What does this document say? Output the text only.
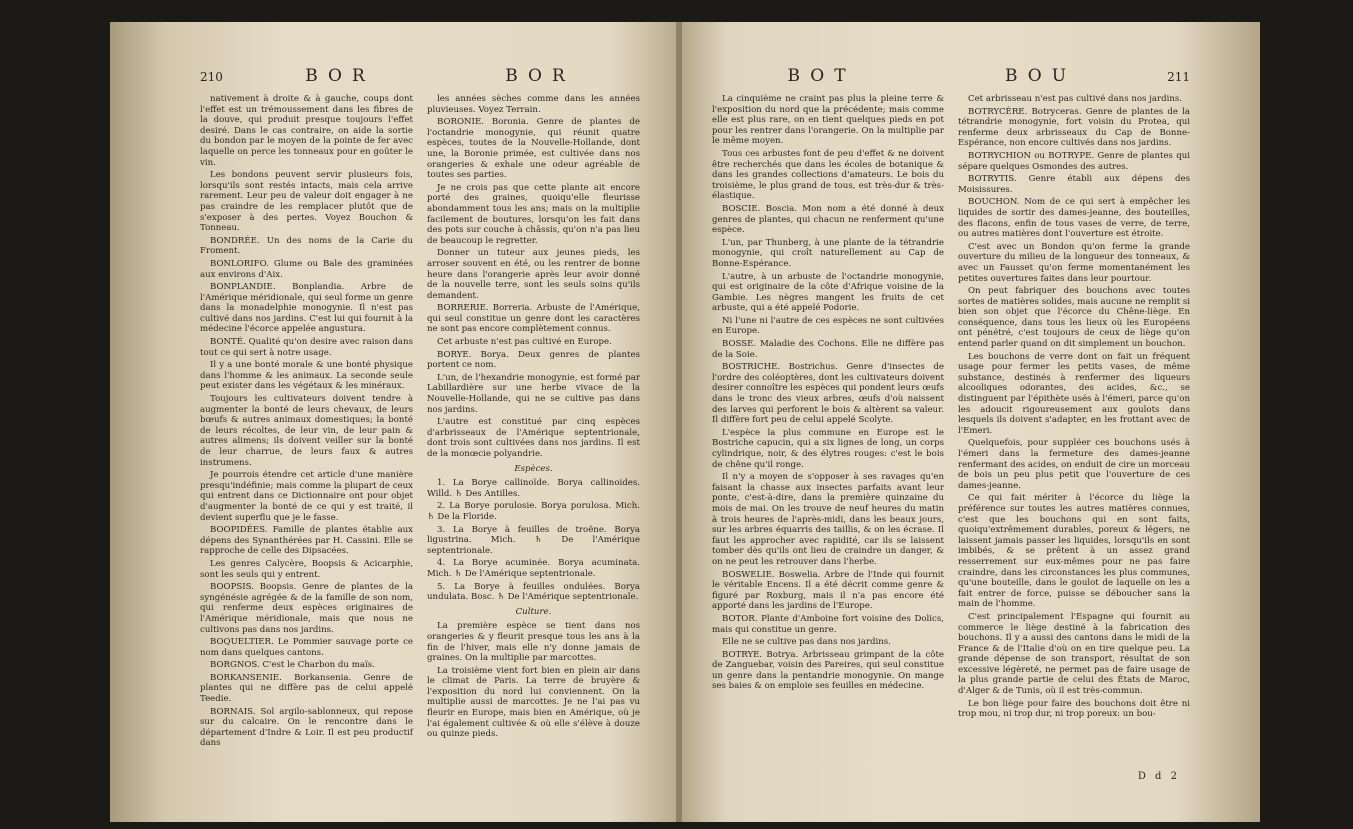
210	BOR	BOR

nativement à droite & à gauche, coups dont l'effet est un trémoussement dans les fibres de la douve, qui produit presque toujours l'effet desiré. Dans le cas contraire, on aide la sortie du bondon par le moyen de la pointe de fer avec laquelle on perce les tonneaux pour en goûter le vin.

Les bondons peuvent servir plusieurs fois, lorsqu'ils sont restés intacts, mais cela arrive rarement. Leur peu de valeur doit engager à ne pas craindre de les remplacer plutôt que de s'exposer à des pertes. Voyez Bouchon & Tonneau.

BONDRÉE. Un des noms de la Carie du Froment.

BONLORIFO. Glume ou Bale des graminées aux environs d'Aix.

BONPLANDIE. Bonplandia. Arbre de l'Amérique méridionale, qui seul forme un genre dans la monadelphie monogynie. Il n'est pas cultivé dans nos jardins. C'est lui qui fournit à la médecine l'écorce appelée angustura.

BONTÉ. Qualité qu'on desire avec raison dans tout ce qui sert à notre usage.

Il y a une bonté morale & une bonté physique dans l'homme & les animaux. La seconde seule peut exister dans les végétaux & les minéraux.

Toujours les cultivateurs doivent tendre à augmenter la bonté de leurs chevaux, de leurs bœufs & autres animaux domestiques; la bonté de leurs récoltes, de leur vin, de leur pain & autres alimens; ils doivent veiller sur la bonté de leur charrue, de leurs faux & autres instrumens.

Je pourrois étendre cet article d'une manière presqu'indéfinie; mais comme la plupart de ceux qui entrent dans ce Dictionnaire ont pour objet d'augmenter la bonté de ce qui y est traité, il devient superflu que je le fasse.

BOOPIDÉES. Famille de plantes établie aux dépens des Synanthérées par H. Cassini. Elle se rapproche de celle des Dipsacées.

Les genres Calycère, Boopsis & Acicarphie, sont les seuls qui y entrent.

BOOPSIS. Boopsis. Genre de plantes de la syngénésie agrégée & de la famille de son nom, qui renferme deux espèces originaires de l'Amérique méridionale, mais que nous ne cultivons pas dans nos jardins.

BOQUELTIER. Le Pommier sauvage porte ce nom dans quelques cantons.

BORGNOS. C'est le Charbon du maïs.

BORKANSENIE. Borkansenia. Genre de plantes qui ne diffère pas de celui appelé Teedie.

BORNAIS. Sol argilo-sablonneux, qui repose sur du calcaire. On le rencontre dans le département d'Indre & Loir. Il est peu productif dans

les années sèches comme dans les années pluvieuses. Voyez Terrain.

BORONIE. Boronia. Genre de plantes de l'octandrie monogynie, qui réunit quatre espèces, toutes de la Nouvelle-Hollande, dont une, la Boronie primée, est cultivée dans nos orangeries & exhale une odeur agréable de toutes ses parties.

Je ne crois pas que cette plante ait encore porté des graines, quoiqu'elle fleurisse abondamment tous les ans; mais on la multiplie facilement de boutures, lorsqu'on les fait dans des pots sur couche à châssis, qu'on n'a pas lieu de beaucoup le regretter.

Donner un tuteur aux jeunes pieds, les arroser souvent en été, ou les rentrer de bonne heure dans l'orangerie après leur avoir donné de la nouvelle terre, sont les seuls soins qu'ils demandent.

BORRERIE. Borreria. Arbuste de l'Amérique, qui seul constitue un genre dont les caractères ne sont pas encore complètement connus.

Cet arbuste n'est pas cultivé en Europe.

BORYE. Borya. Deux genres de plantes portent ce nom.

L'un, de l'hexandrie monogynie, est formé par Labillardière sur une herbe vivace de la Nouvelle-Hollande, qui ne se cultive pas dans nos jardins.

L'autre est constitué par cinq espèces d'arbrisseaux de l'Amérique septentrionale, dont trois sont cultivées dans nos jardins. Il est de la monœcie polyandrie.

Espèces.

1. La Borye callinoïde. Borya callinoides. Willd. ♄ Des Antilles.

2. La Borye porulosie. Borya porulosa. Mich. ♄ De la Floride.

3. La Borye à feuilles de troëne. Borya ligustrina. Mich. ♄ De l'Amérique septentrionale.

4. La Borye acuminée. Borya acuminata. Mich. ♄ De l'Amérique septentrionale.

5. La Borye à feuilles ondulées. Borya undulata. Bosc. ♄ De l'Amérique septentrionale.

Culture.

La première espèce se tient dans nos orangeries & y fleurit presque tous les ans à la fin de l'hiver, mais elle n'y donne jamais de graines. On la multiplie par marcottes.

La troisième vient fort bien en plein air dans le climat de Paris. La terre de bruyère & l'exposition du nord lui conviennent. On la multiplie aussi de marcottes. Je ne l'ai pas vu fleurir en Europe, mais bien en Amérique, où je l'ai également cultivée & où elle s'élève à douze ou quinze pieds.

BOT	BOU	211

La cinquième ne craint pas plus la pleine terre & l'exposition du nord que la précédente; mais comme elle est plus rare, on en tient quelques pieds en pot pour les rentrer dans l'orangerie. On la multiplie par le même moyen.

Tous ces arbustes font de peu d'effet & ne doivent être recherchés que dans les écoles de botanique & dans les grandes collections d'amateurs. Le bois du troisième, le plus grand de tous, est très-dur & très-élastique.

BOSCIE. Boscia. Mon nom a été donné à deux genres de plantes, qui chacun ne renferment qu'une espèce.

L'un, par Thunberg, à une plante de la tétrandrie monogynie, qui croît naturellement au Cap de Bonne-Espérance.

L'autre, à un arbuste de l'octandrie monogynie, qui est originaire de la côte d'Afrique voisine de la Gambie. Les nègres mangent les fruits de cet arbuste, qui a été appelé Podorie.

Ni l'une ni l'autre de ces espèces ne sont cultivées en Europe.

BOSSE. Maladie des Cochons. Elle ne diffère pas de la Soie.

BOSTRICHE. Bostrichus. Genre d'insectes de l'ordre des coléoptères, dont les cultivateurs doivent desirer connoître les espèces qui pondent leurs œufs dans le tronc des vieux arbres, œufs d'où naissent des larves qui perforent le bois & altèrent sa valeur. Il diffère fort peu de celui appelé Scolyte.

L'espèce la plus commune en Europe est le Bostriche capucin, qui a six lignes de long, un corps cylindrique, noir, & des élytres rouges: c'est le bois de chêne qu'il ronge.

Il n'y a moyen de s'opposer à ses ravages qu'en faisant la chasse aux insectes parfaits avant leur ponte, c'est-à-dire, dans la première quinzaine du mois de mai. On les trouve de neuf heures du matin à trois heures de l'après-midi, dans les beaux jours, sur les arbres équarris des taillis, & on les écrase. Il faut les approcher avec rapidité, car ils se laissent tomber dès qu'ils ont lieu de craindre un danger, & on ne peut les retrouver dans l'herbe.

BOSWELIE. Boswelia. Arbre de l'Inde qui fournit le véritable Encens. Il a été décrit comme genre & figuré par Roxburg, mais il n'a pas encore été apporté dans les jardins de l'Europe.

BOTOR. Plante d'Amboine fort voisine des Dolics, mais qui constitue un genre.

Elle ne se cultive pas dans nos jardins.

BOTRYE. Botrya. Arbrisseau grimpant de la côte de Zanguebar, voisin des Pareires, qui seul constitue un genre dans la pentandrie monogynie. On mange ses baies & on emploie ses feuilles en médecine.

Cet arbrisseau n'est pas cultivé dans nos jardins.

BOTRYCÈRE. Botryceras. Genre de plantes de la tétrandrie monogynie, fort voisin du Protea, qui renferme deux arbrisseaux du Cap de Bonne-Espérance, non encore cultivés dans nos jardins.

BOTRYCHION ou BOTRYPE. Genre de plantes qui sépare quelques Osmondes des autres.

BOTRYTIS. Genre établi aux dépens des Moisissures.

BOUCHON. Nom de ce qui sert à empêcher les liquides de sortir des dames-jeanne, des bouteilles, des flacons, enfin de tous vases de verre, de terre, ou autres matières dont l'ouverture est étroite.

C'est avec un Bondon qu'on ferme la grande ouverture du milieu de la longueur des tonneaux, & avec un Fausset qu'on ferme momentanément les petites ouvertures faites dans leur pourtour.

On peut fabriquer des bouchons avec toutes sortes de matières solides, mais aucune ne remplit si bien son objet que l'écorce du Chêne-liège. En conséquence, dans tous les lieux où les Européens ont pénétré, c'est toujours de ceux de liège qu'on entend parler quand on dit simplement un bouchon.

Les bouchons de verre dont on fait un fréquent usage pour fermer les petits vases, de même substance, destinés à renfermer des liqueurs alcooliques odorantes, des acides, &c., se distinguent par l'épithète usés à l'émeri, parce qu'on les adoucit rigoureusement aux goulots dans lesquels ils doivent s'adapter, en les frottant avec de l'Emeri.

Quelquefois, pour suppléer ces bouchons usés à l'émeri dans la fermeture des dames-jeanne renfermant des acides, on enduit de cire un morceau de bois un peu plus petit que l'ouverture de ces dames-jeanne.

Ce qui fait mériter à l'écorce du liège la préférence sur toutes les autres matières connues, c'est que les bouchons qui en sont faits, quoiqu'extrêmement durables, poreux & légers, ne laissent jamais passer les liquides, lorsqu'ils en sont imbibés, & se prêtent à un assez grand resserrement sur eux-mêmes pour ne pas faire craindre, dans les circonstances les plus communes, qu'une bouteille, dans le goulot de laquelle on les a fait entrer de force, puisse se déboucher sans la main de l'homme.

C'est principalement l'Espagne qui fournit au commerce le liège destiné à la fabrication des bouchons. Il y a aussi des cantons dans le midi de la France & de l'Italie d'où on en tire quelque peu. La grande dépense de son transport, résultat de son excessive légèreté, ne permet pas de faire usage de la plus grande partie de celui des États de Maroc, d'Alger & de Tunis, où il est très-commun.

Le bon liège pour faire des bouchons doit être ni trop mou, ni trop dur, ni trop poreux: un bou-

D d 2
